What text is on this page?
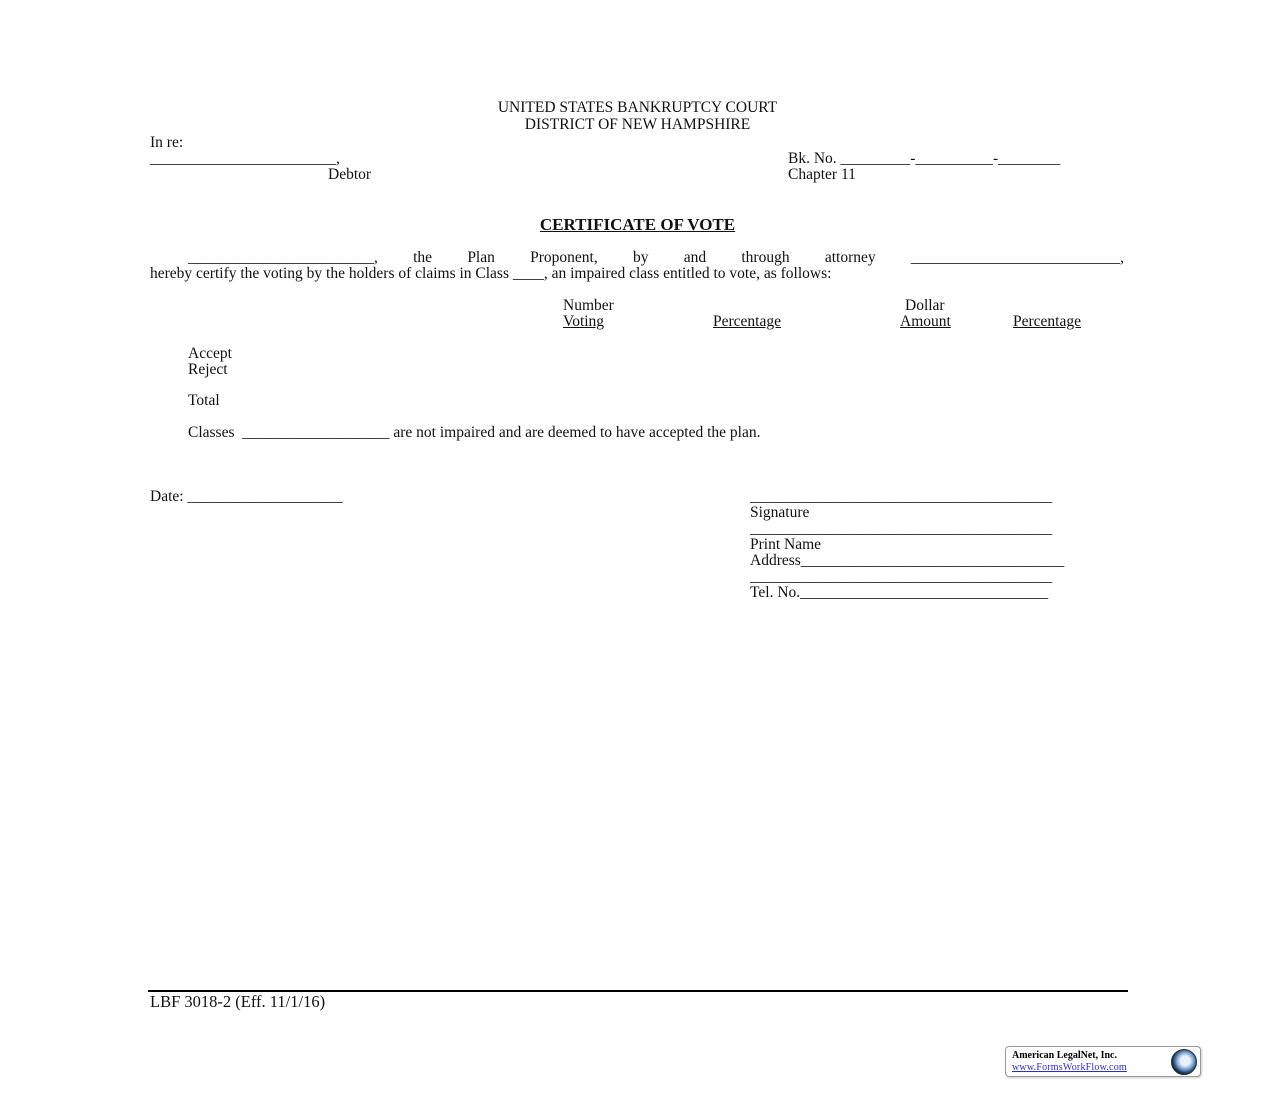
UNITED STATES BANKRUPTCY COURT
DISTRICT OF NEW HAMPSHIRE
In re:
________________________,
Debtor
Bk. No. _________-__________-________
Chapter 11
CERTIFICATE OF VOTE
________________________, the Plan Proponent, by and through attorney ___________________________,
hereby certify the voting by the holders of claims in Class ____, an impaired class entitled to vote, as follows:
Number
Voting	Percentage
Dollar
Amount	Percentage
Accept
Reject
Total
Classes  ___________________ are not impaired and are deemed to have accepted the plan.
Date: ____________________	_______________________________________
Signature
_______________________________________
Print Name
Address__________________________________
_______________________________________
Tel. No.________________________________
LBF 3018-2 (Eff. 11/1/16)
American LegalNet, Inc.
www.FormsWorkFlow.com
